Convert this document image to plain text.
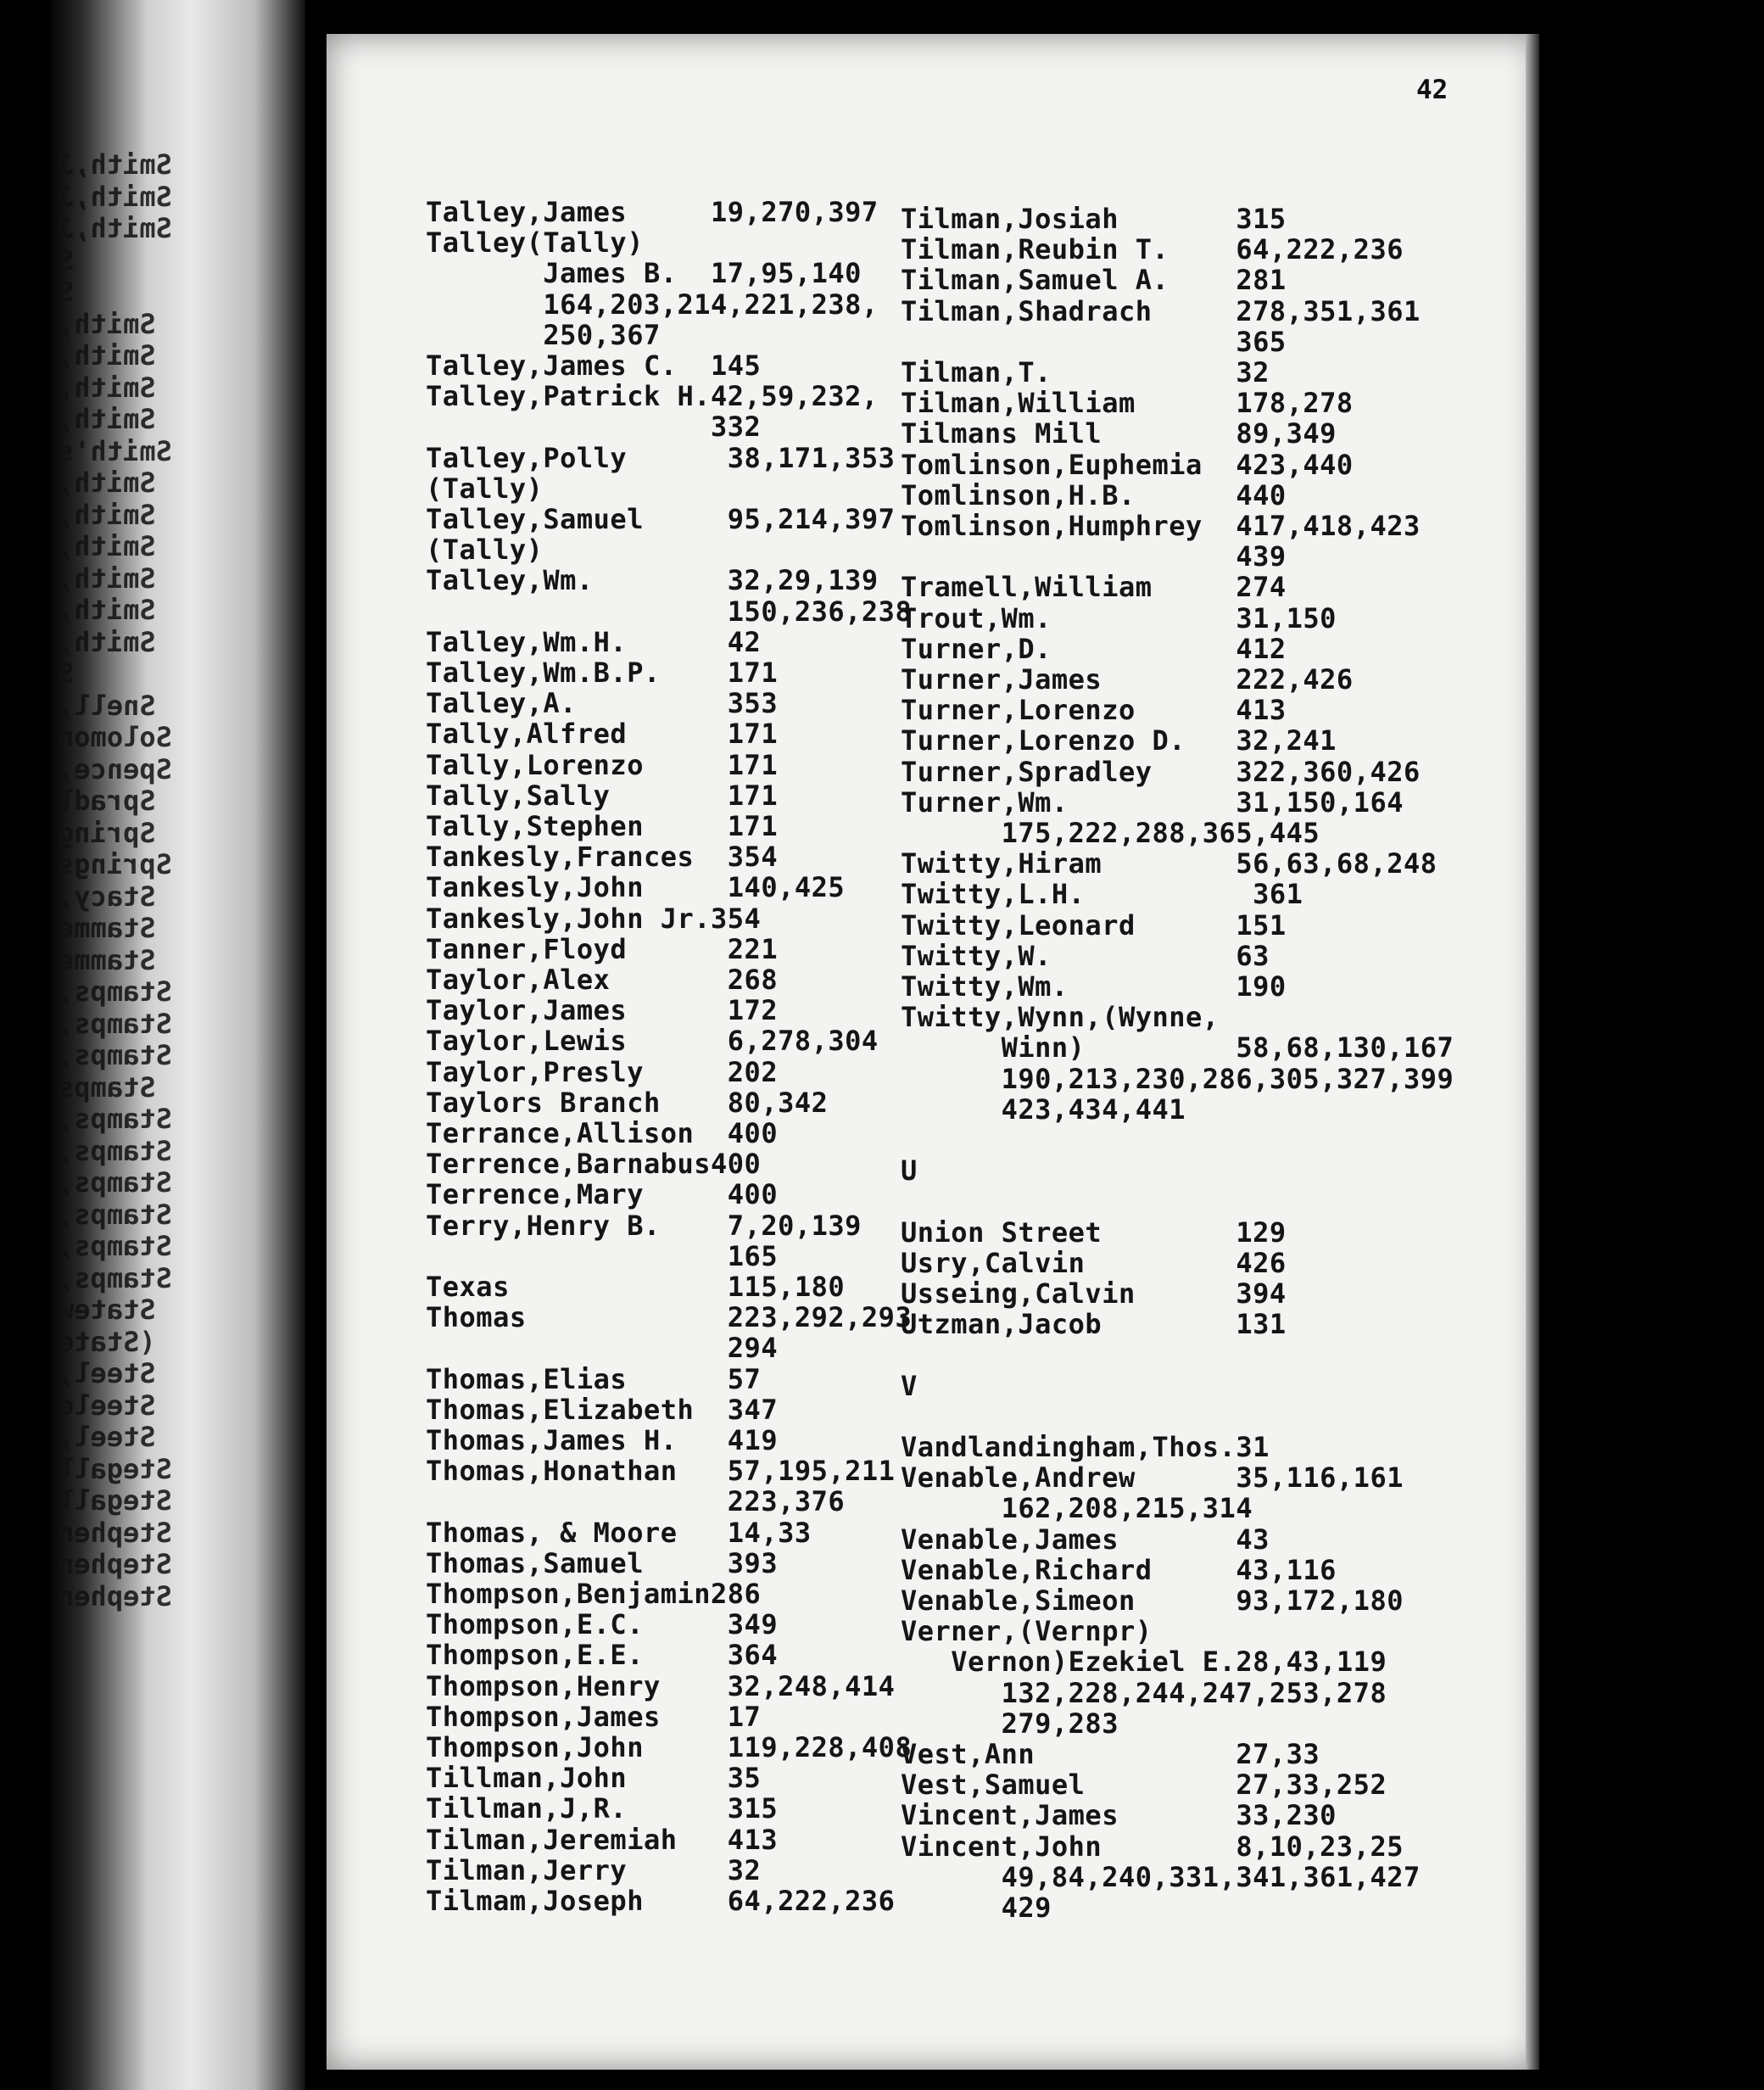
Smith,J
Smith,J
Smith,J
S
S
Smith,
Smith,
Smith,
Smith,
Smith's
Smith,
Smith,
Smith,
Smith,
Smith,
Smith,
S
Snell,
Solomon
Spence,
Spradl
Spring
Springs
Stacy,
Stamme
Stamme
Stamps,
Stamps,
Stamps,
Stamps
Stamps,
Stamps,
Stamps,
Stamps,
Stamps,
Stamps,
Statew
(State
Steel,
Steele
Steel,
Stegall
Stegall
Stephen
Stephen
Stephen
42
Talley,James     19,270,397
Talley(Tally)
James B.  17,95,140
164,203,214,221,238,
250,367
Talley,James C.  145
Talley,Patrick H.42,59,232,
332
Talley,Polly      38,171,353
(Tally)
Talley,Samuel     95,214,397
(Tally)
Talley,Wm.        32,29,139
150,236,238
Talley,Wm.H.      42
Talley,Wm.B.P.    171
Talley,A.         353
Tally,Alfred      171
Tally,Lorenzo     171
Tally,Sally       171
Tally,Stephen     171
Tankesly,Frances  354
Tankesly,John     140,425
Tankesly,John Jr.354
Tanner,Floyd      221
Taylor,Alex       268
Taylor,James      172
Taylor,Lewis      6,278,304
Taylor,Presly     202
Taylors Branch    80,342
Terrance,Allison  400
Terrence,Barnabus400
Terrence,Mary     400
Terry,Henry B.    7,20,139
165
Texas             115,180
Thomas            223,292,293
294
Thomas,Elias      57
Thomas,Elizabeth  347
Thomas,James H.   419
Thomas,Honathan   57,195,211
223,376
Thomas, & Moore   14,33
Thomas,Samuel     393
Thompson,Benjamin286
Thompson,E.C.     349
Thompson,E.E.     364
Thompson,Henry    32,248,414
Thompson,James    17
Thompson,John     119,228,408
Tillman,John      35
Tillman,J,R.      315
Tilman,Jeremiah   413
Tilman,Jerry      32
Tilmam,Joseph     64,222,236
Tilman,Josiah       315
Tilman,Reubin T.    64,222,236
Tilman,Samuel A.    281
Tilman,Shadrach     278,351,361
365
Tilman,T.           32
Tilman,William      178,278
Tilmans Mill        89,349
Tomlinson,Euphemia  423,440
Tomlinson,H.B.      440
Tomlinson,Humphrey  417,418,423
439
Tramell,William     274
Trout,Wm.           31,150
Turner,D.           412
Turner,James        222,426
Turner,Lorenzo      413
Turner,Lorenzo D.   32,241
Turner,Spradley     322,360,426
Turner,Wm.          31,150,164
175,222,288,365,445
Twitty,Hiram        56,63,68,248
Twitty,L.H.          361
Twitty,Leonard      151
Twitty,W.           63
Twitty,Wm.          190
Twitty,Wynn,(Wynne,
Winn)         58,68,130,167
190,213,230,286,305,327,399
423,434,441
U
Union Street        129
Usry,Calvin         426
Usseing,Calvin      394
Utzman,Jacob        131
V
Vandlandingham,Thos.31
Venable,Andrew      35,116,161
162,208,215,314
Venable,James       43
Venable,Richard     43,116
Venable,Simeon      93,172,180
Verner,(Vernpr)
Vernon)Ezekiel E.28,43,119
132,228,244,247,253,278
279,283
Vest,Ann            27,33
Vest,Samuel         27,33,252
Vincent,James       33,230
Vincent,John        8,10,23,25
49,84,240,331,341,361,427
429
